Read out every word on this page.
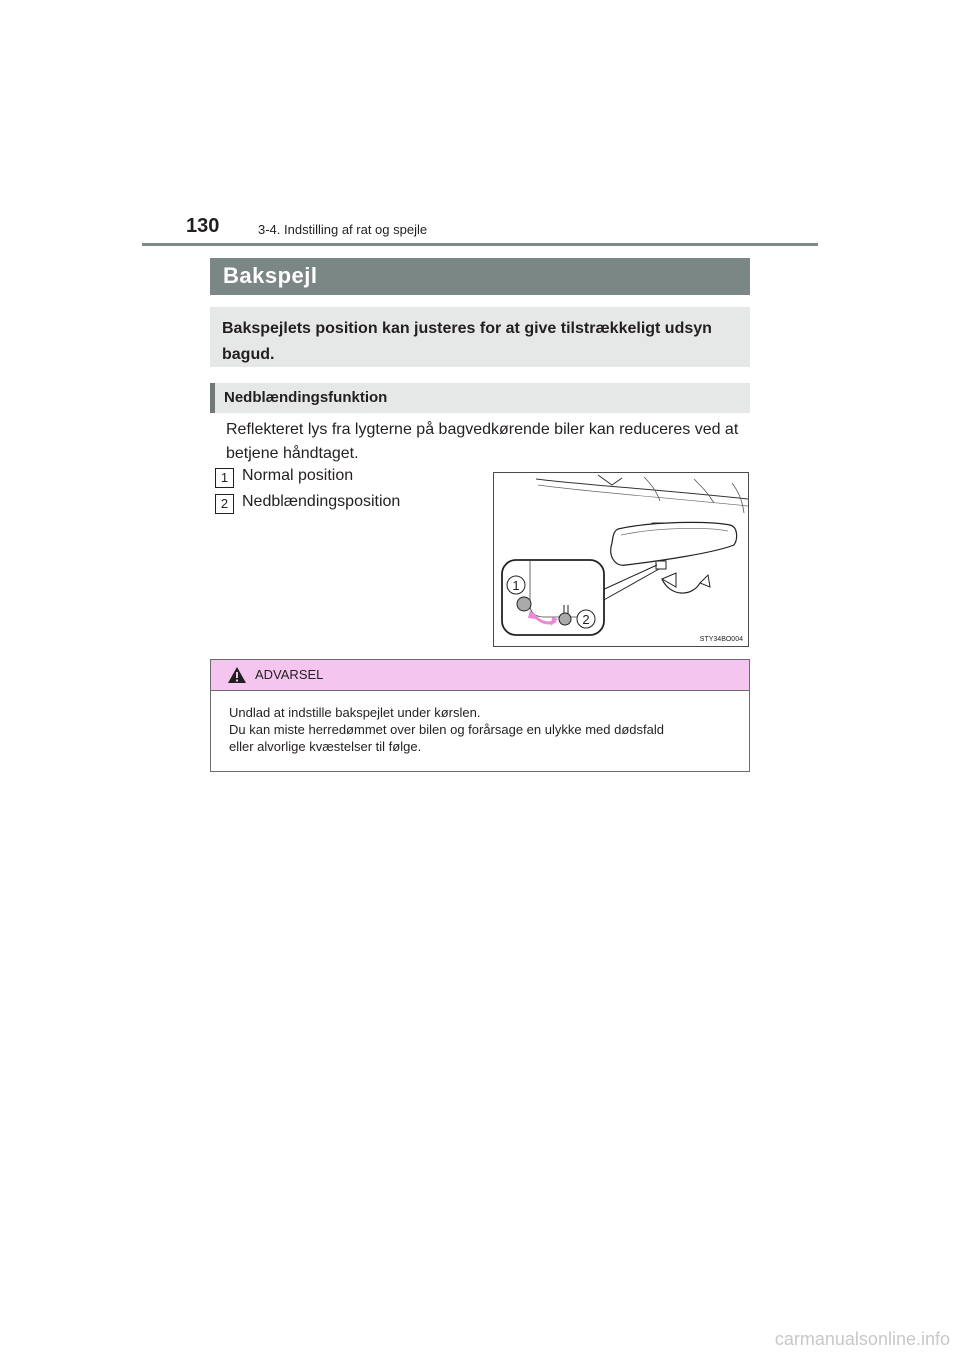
130	3-4. Indstilling af rat og spejle
Bakspejl
Bakspejlets position kan justeres for at give tilstrækkeligt udsyn bagud.
Nedblændingsfunktion
Reflekteret lys fra lygterne på bagvedkørende biler kan reduceres ved at betjene håndtaget.
1 Normal position
2 Nedblændingsposition
1
2
STY34BO004
ADVARSEL
Undlad at indstille bakspejlet under kørslen.
Du kan miste herredømmet over bilen og forårsage en ulykke med dødsfald
eller alvorlige kvæstelser til følge.
carmanualsonline.info
